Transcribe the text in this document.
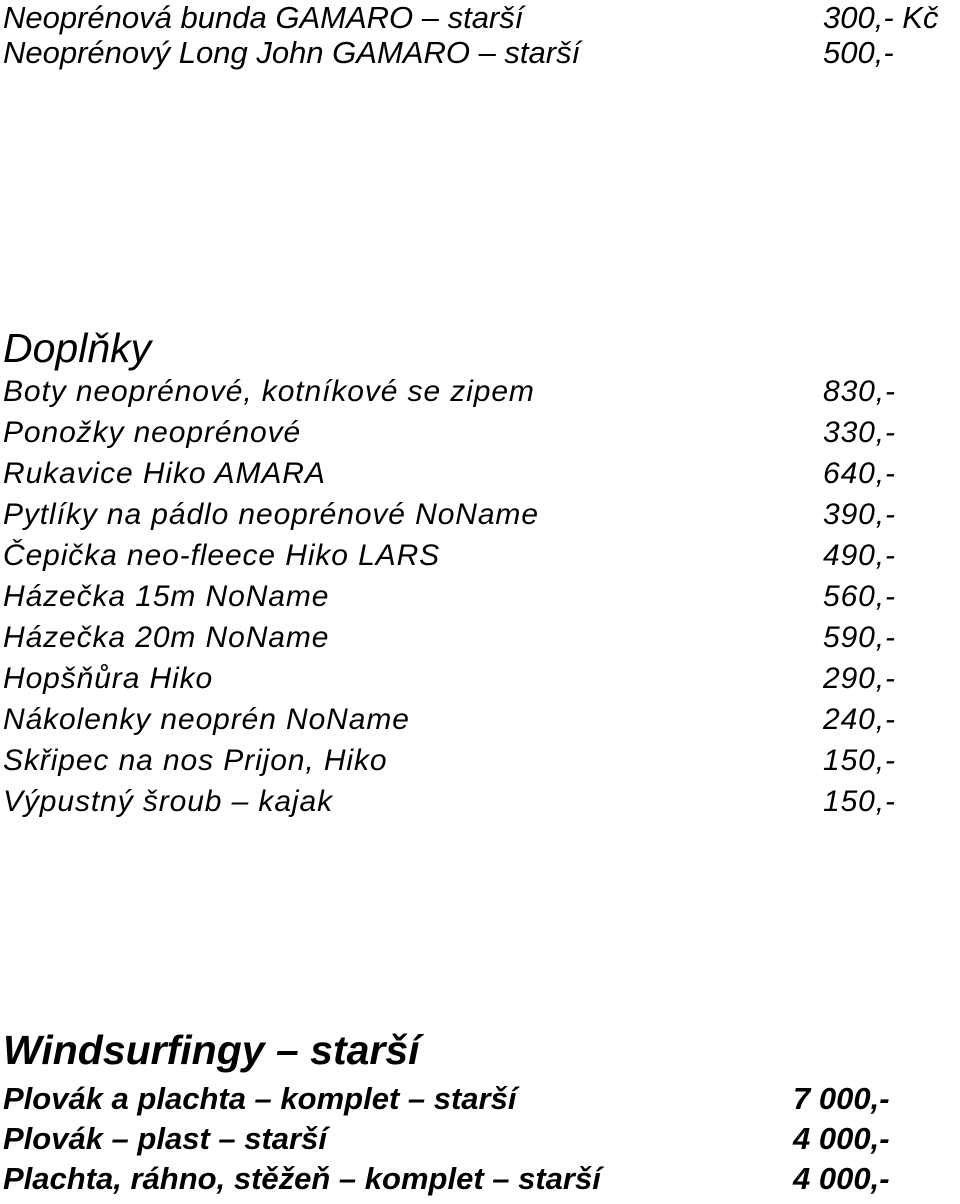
Neoprénová bunda GAMARO – starší	300,- Kč
Neoprénový Long John GAMARO – starší	500,-
Doplňky
Boty neoprénové, kotníkové se zipem	830,-
Ponožky neoprénové	330,-
Rukavice Hiko AMARA	640,-
Pytlíky na pádlo neoprénové NoName	390,-
Čepička neo-fleece Hiko LARS	490,-
Házečka 15m NoName	560,-
Házečka 20m NoName	590,-
Hopšňůra Hiko	290,-
Nákolenky neoprén NoName	240,-
Skřipec na nos Prijon, Hiko	150,-
Výpustný šroub – kajak	150,-
Windsurfingy – starší
Plovák a plachta – komplet – starší	7 000,-
Plovák – plast – starší	4 000,-
Plachta, ráhno, stěžeň – komplet – starší	4 000,-
